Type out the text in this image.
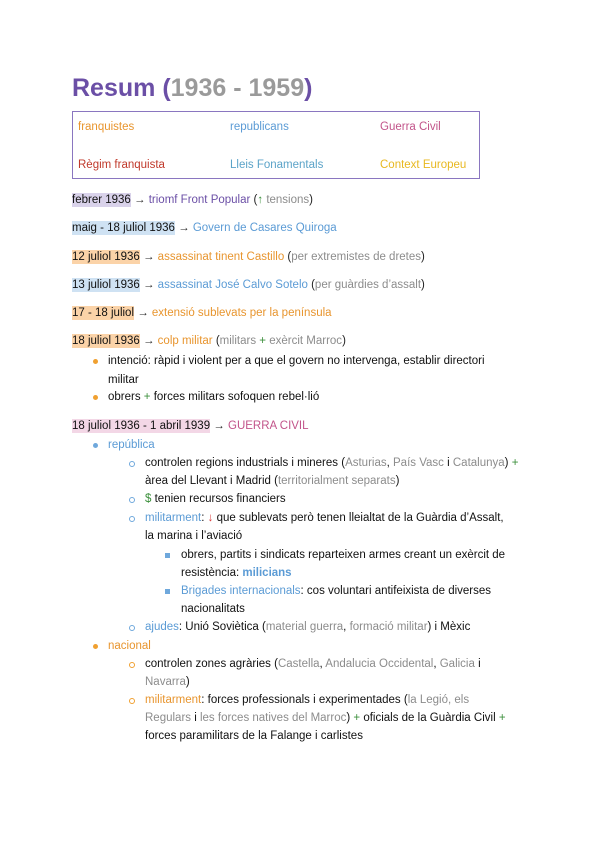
Resum (1936 - 1959)
franquistes	republicans	Guerra Civil
Règim franquista	Lleis Fonamentals	Context Europeu
febrer 1936 → triomf Front Popular (↑ tensions)
maig - 18 juliol 1936 → Govern de Casares Quiroga
12 juliol 1936 → assassinat tinent Castillo (per extremistes de dretes)
13 juliol 1936 → assassinat José Calvo Sotelo (per guàrdies d’assalt)
17 - 18 juliol → extensió sublevats per la península
18 juliol 1936 → colp militar (militars + exèrcit Marroc)
intenció: ràpid i violent per a que el govern no intervenga, establir directori
militar
obrers + forces militars sofoquen rebel·lió
18 juliol 1936 - 1 abril 1939 → GUERRA CIVIL
república
controlen regions industrials i mineres (Asturias, País Vasc i Catalunya) +
àrea del Llevant i Madrid (territorialment separats)
$ tenien recursos financiers
militarment: ↓ que sublevats però tenen lleialtat de la Guàrdia d’Assalt,
la marina i l’aviació
obrers, partits i sindicats reparteixen armes creant un exèrcit de
resistència: milicians
Brigades internacionals: cos voluntari antifeixista de diverses
nacionalitats
ajudes: Unió Soviètica (material guerra, formació militar) i Mèxic
nacional
controlen zones agràries (Castella, Andalucia Occidental, Galicia i
Navarra)
militarment: forces professionals i experimentades (la Legió, els
Regulars i les forces natives del Marroc) + oficials de la Guàrdia Civil +
forces paramilitars de la Falange i carlistes
